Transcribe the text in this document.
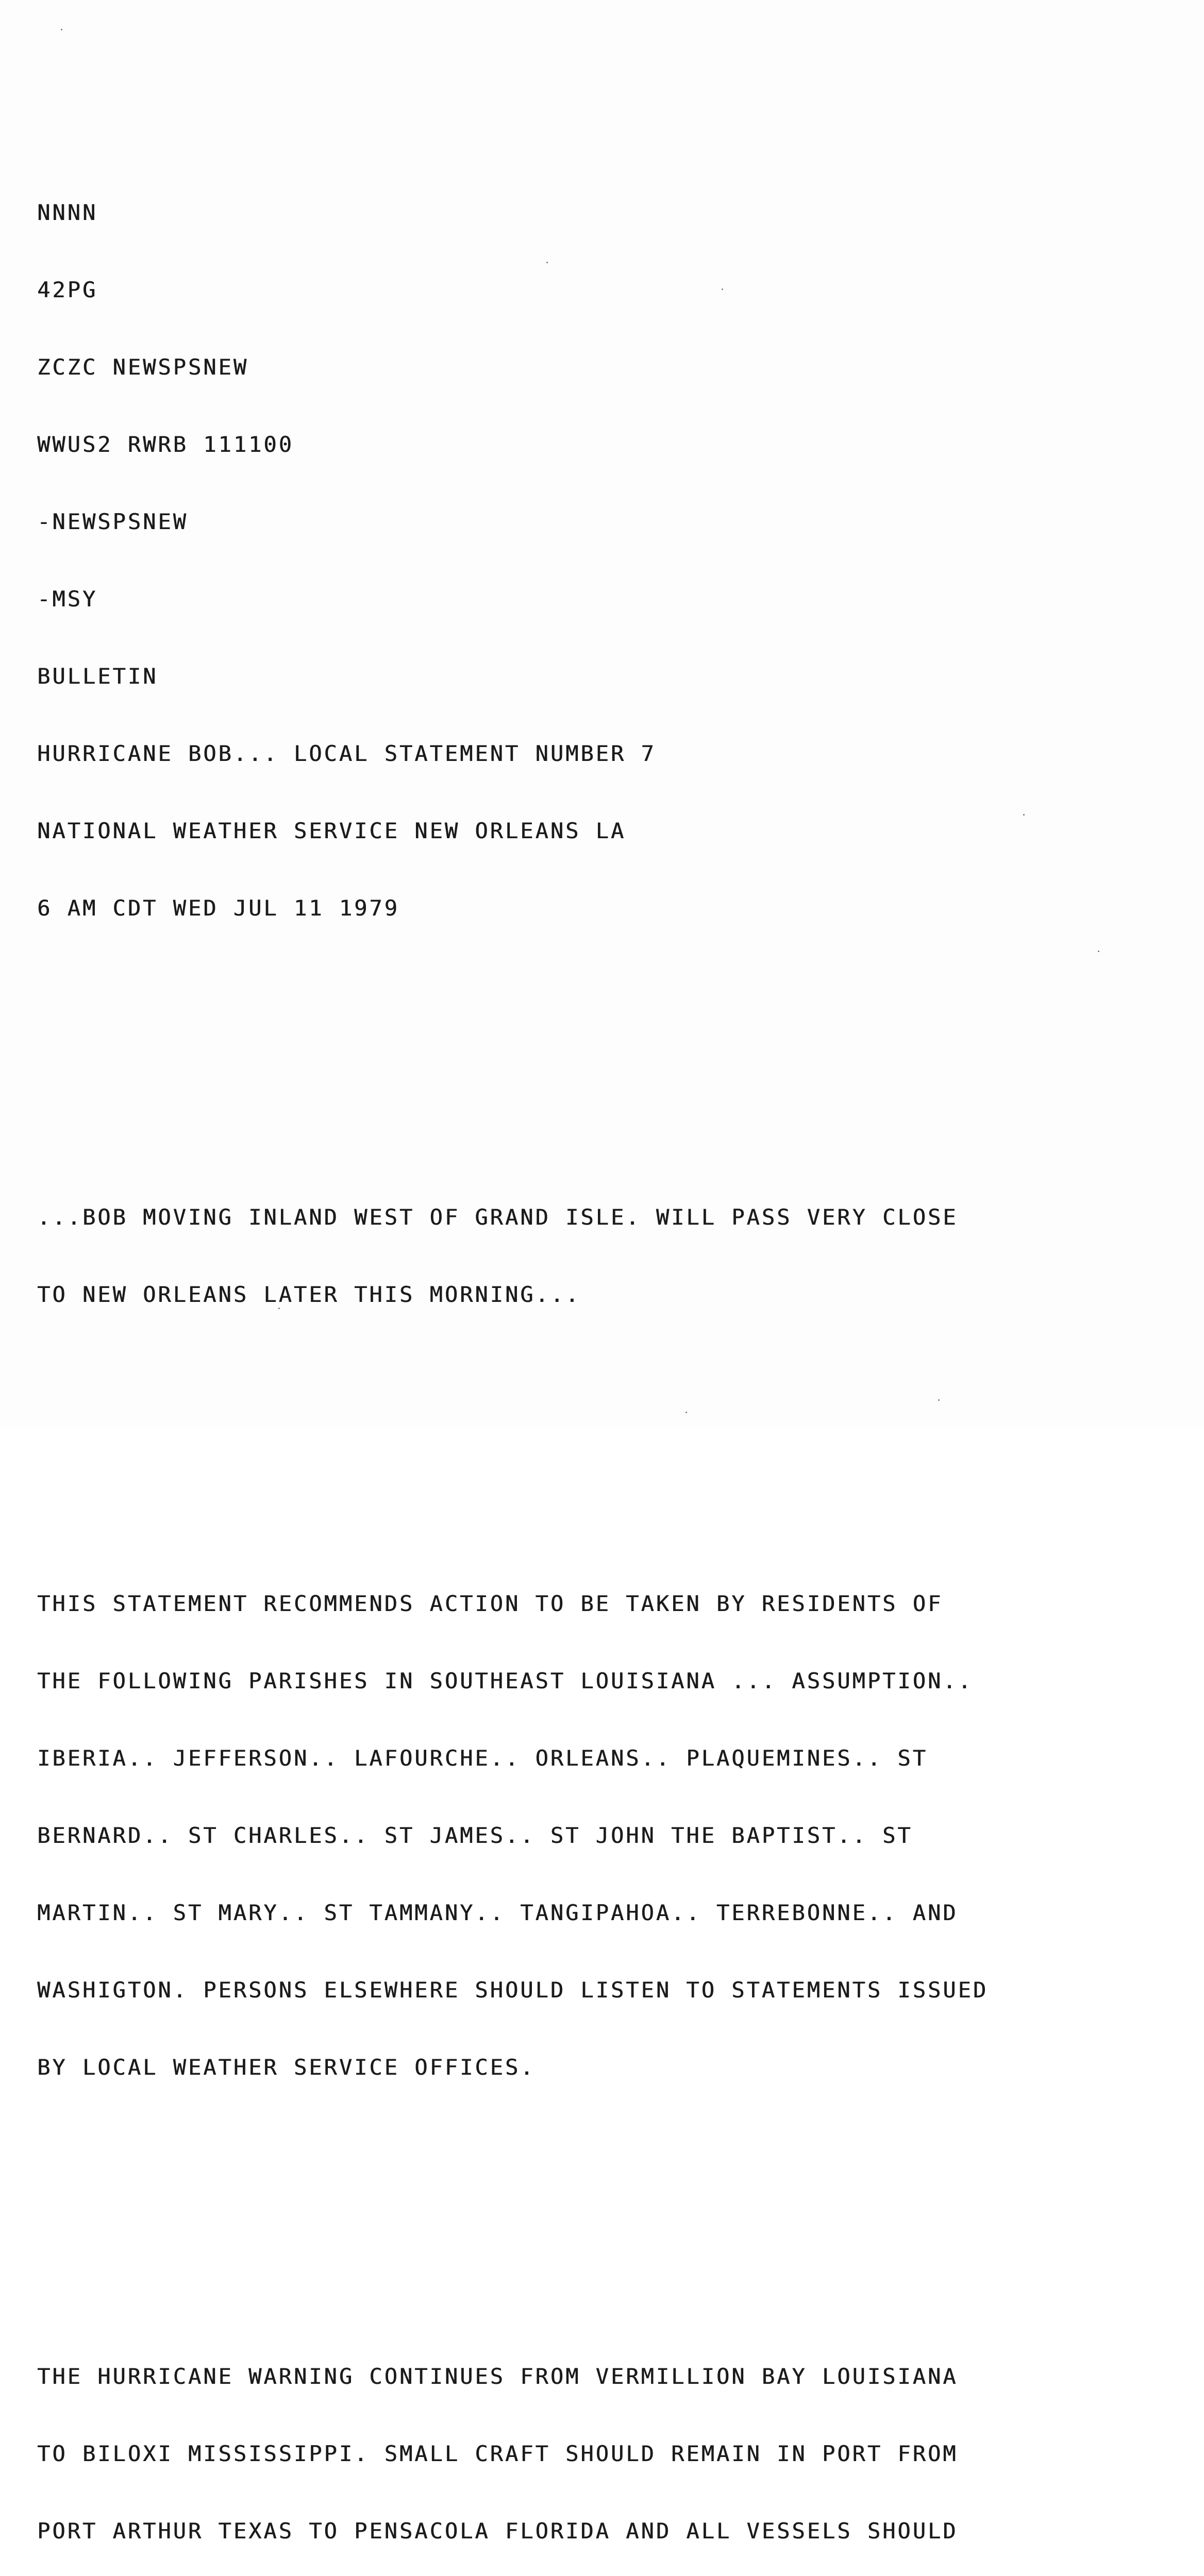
NNNN

42PG

ZCZC NEWSPSNEW

WWUS2 RWRB 111100

-NEWSPSNEW

-MSY

BULLETIN

HURRICANE BOB... LOCAL STATEMENT NUMBER 7

NATIONAL WEATHER SERVICE NEW ORLEANS LA

6 AM CDT WED JUL 11 1979

...BOB MOVING INLAND WEST OF GRAND ISLE. WILL PASS VERY CLOSE

TO NEW ORLEANS LATER THIS MORNING...

THIS STATEMENT RECOMMENDS ACTION TO BE TAKEN BY RESIDENTS OF

THE FOLLOWING PARISHES IN SOUTHEAST LOUISIANA ... ASSUMPTION..

IBERIA.. JEFFERSON.. LAFOURCHE.. ORLEANS.. PLAQUEMINES.. ST

BERNARD.. ST CHARLES.. ST JAMES.. ST JOHN THE BAPTIST.. ST

MARTIN.. ST MARY.. ST TAMMANY.. TANGIPAHOA.. TERREBONNE.. AND

WASHIGTON. PERSONS ELSEWHERE SHOULD LISTEN TO STATEMENTS ISSUED

BY LOCAL WEATHER SERVICE OFFICES.

THE HURRICANE WARNING CONTINUES FROM VERMILLION BAY LOUISIANA

TO BILOXI MISSISSIPPI. SMALL CRAFT SHOULD REMAIN IN PORT FROM

PORT ARTHUR TEXAS TO PENSACOLA FLORIDA AND ALL VESSELS SHOULD
